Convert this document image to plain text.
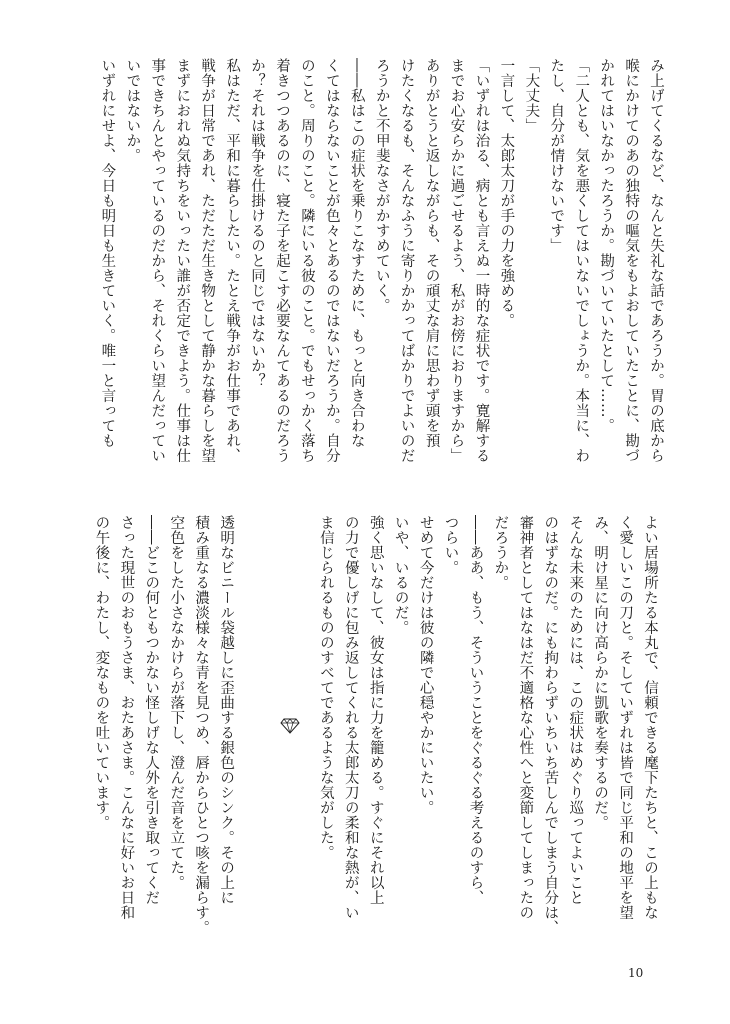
み上げてくるなど、なんと失礼な話であろうか。胃の底から

喉にかけてのあの独特の嘔気をもよおしていたことに、勘づ

かれてはいなかったろうか。勘づいていたとして……。

「二人とも、気を悪くしてはいないでしょうか。本当に、わ

たし、自分が情けないです」

「大丈夫」

一言して、太郎太刀が手の力を強める。

「いずれは治る、病とも言えぬ一時的な症状です。寛解する

までお心安らかに過ごせるよう、私がお傍におりますから」

ありがとうと返しながらも、その頑丈な肩に思わず頭を預

けたくなるも、そんなふうに寄りかかってばかりでよいのだ

ろうかと不甲斐なさがかすめていく。

――私はこの症状を乗りこなすために、もっと向き合わな

くてはならないことが色々とあるのではないだろうか。自分

のこと。周りのこと。隣にいる彼のこと。でもせっかく落ち

着きつつあるのに、寝た子を起こす必要なんてあるのだろう

か？それは戦争を仕掛けるのと同じではないか？

私はただ、平和に暮らしたい。たとえ戦争がお仕事であれ、

戦争が日常であれ、ただただ生き物として静かな暮らしを望

まずにおれぬ気持ちをいったい誰が否定できよう。仕事は仕

事できちんとやっているのだから、それくらい望んだってい

いではないか。

いずれにせよ、今日も明日も生きていく。唯一と言っても

よい居場所たる本丸で、信頼できる麾下たちと、この上もな

く愛しいこの刀と。そしていずれは皆で同じ平和の地平を望

み、明け星に向け高らかに凱歌を奏するのだ。

そんな未来のためには、この症状はめぐり巡ってよいこと

のはずなのだ。にも拘わらずいちいち苦しんでしまう自分は、

審神者としてはなはだ不適格な心性へと変節してしまったの

だろうか。

――ああ、もう、そういうことをぐるぐる考えるのすら、

つらい。

せめて今だけは彼の隣で心穏やかにいたい。

いや、いるのだ。

強く思いなして、彼女は指に力を籠める。すぐにそれ以上

の力で優しげに包み返してくれる太郎太刀の柔和な熱が、い

ま信じられるもののすべてであるような気がした。

透明なビニール袋越しに歪曲する銀色のシンク。その上に

積み重なる濃淡様々な青を見つめ、唇からひとつ咳を漏らす。

空色をした小さなかけらが落下し、澄んだ音を立てた。

――どこの何ともつかない怪しげな人外を引き取ってくだ

さった現世のおもうさま、おたあさま。こんなに好いお日和

の午後に、わたし、変なものを吐いています。

10
